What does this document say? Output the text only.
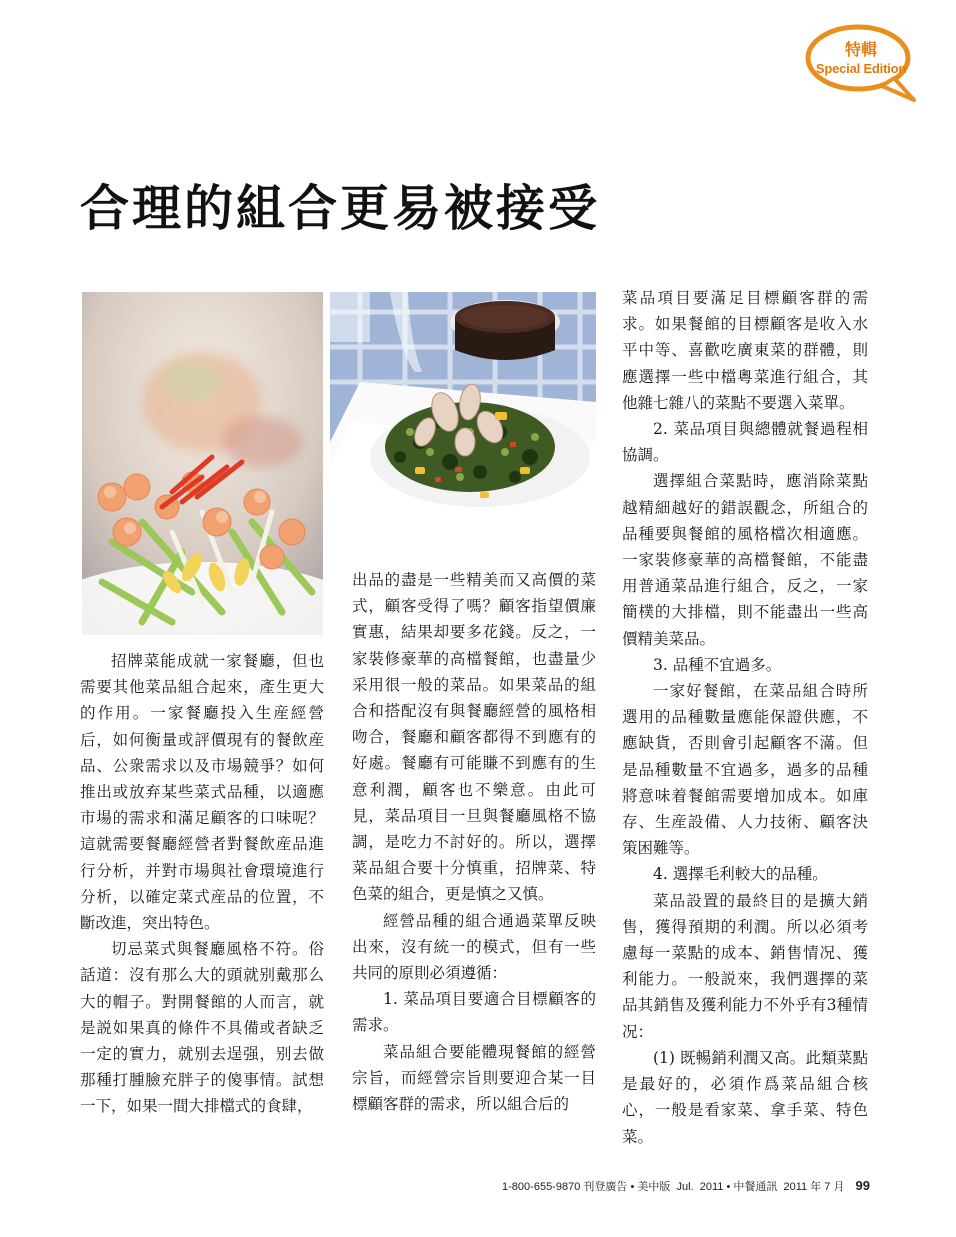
特輯
Special Edition
合理的組合更易被接受

招牌菜能成就一家餐廳，但也需要其他菜品組合起來，產生更大的作用。一家餐廳投入生産經營后，如何衡量或評價現有的餐飲産品、公衆需求以及市場競爭？如何推出或放弃某些菜式品種，以適應市場的需求和滿足顧客的口味呢？這就需要餐廳經營者對餐飲産品進行分析，并對市場與社會環境進行分析，以確定菜式産品的位置，不斷改進，突出特色。

切忌菜式與餐廳風格不符。俗話道：沒有那么大的頭就别戴那么大的帽子。對開餐館的人而言，就是説如果真的條件不具備或者缺乏一定的實力，就别去逞强，别去做那種打腫臉充胖子的傻事情。試想一下，如果一間大排檔式的食肆，

出品的盡是一些精美而又高價的菜式，顧客受得了嗎？顧客指望價廉實惠，結果却要多花錢。反之，一家裝修豪華的高檔餐館，也盡量少采用很一般的菜品。如果菜品的組合和搭配沒有與餐廳經營的風格相吻合，餐廳和顧客都得不到應有的好處。餐廳有可能賺不到應有的生意利潤，顧客也不樂意。由此可見，菜品項目一旦與餐廳風格不協調，是吃力不討好的。所以，選擇菜品組合要十分慎重，招牌菜、特色菜的組合，更是慎之又慎。

經營品種的組合通過菜單反映出來，沒有統一的模式，但有一些共同的原則必須遵循：

1. 菜品項目要適合目標顧客的需求。

菜品組合要能體現餐館的經營宗旨，而經營宗旨則要迎合某一目標顧客群的需求，所以組合后的

菜品項目要滿足目標顧客群的需求。如果餐館的目標顧客是收入水平中等、喜歡吃廣東菜的群體，則應選擇一些中檔粵菜進行組合，其他雜七雜八的菜點不要選入菜單。

2. 菜品項目與總體就餐過程相協調。

選擇組合菜點時，應消除菜點越精細越好的錯誤觀念，所組合的品種要與餐館的風格檔次相適應。一家裝修豪華的高檔餐館，不能盡用普通菜品進行組合，反之，一家簡樸的大排檔，則不能盡出一些高價精美菜品。

3. 品種不宜過多。

一家好餐館，在菜品組合時所選用的品種數量應能保證供應，不應缺貨，否則會引起顧客不滿。但是品種數量不宜過多，過多的品種將意味着餐館需要增加成本。如庫存、生産設備、人力技術、顧客決策困難等。

4. 選擇毛利較大的品種。

菜品設置的最終目的是擴大銷售，獲得預期的利潤。所以必須考慮每一菜點的成本、銷售情况、獲利能力。一般説來，我們選擇的菜品其銷售及獲利能力不外乎有3種情况：

(1) 既暢銷利潤又高。此類菜點是最好的，必須作爲菜品組合核心，一般是看家菜、拿手菜、特色菜。

1-800-655-9870 刊登廣告 • 美中版 Jul. 2011 • 中餐通訊 2011 年 7 月 99
